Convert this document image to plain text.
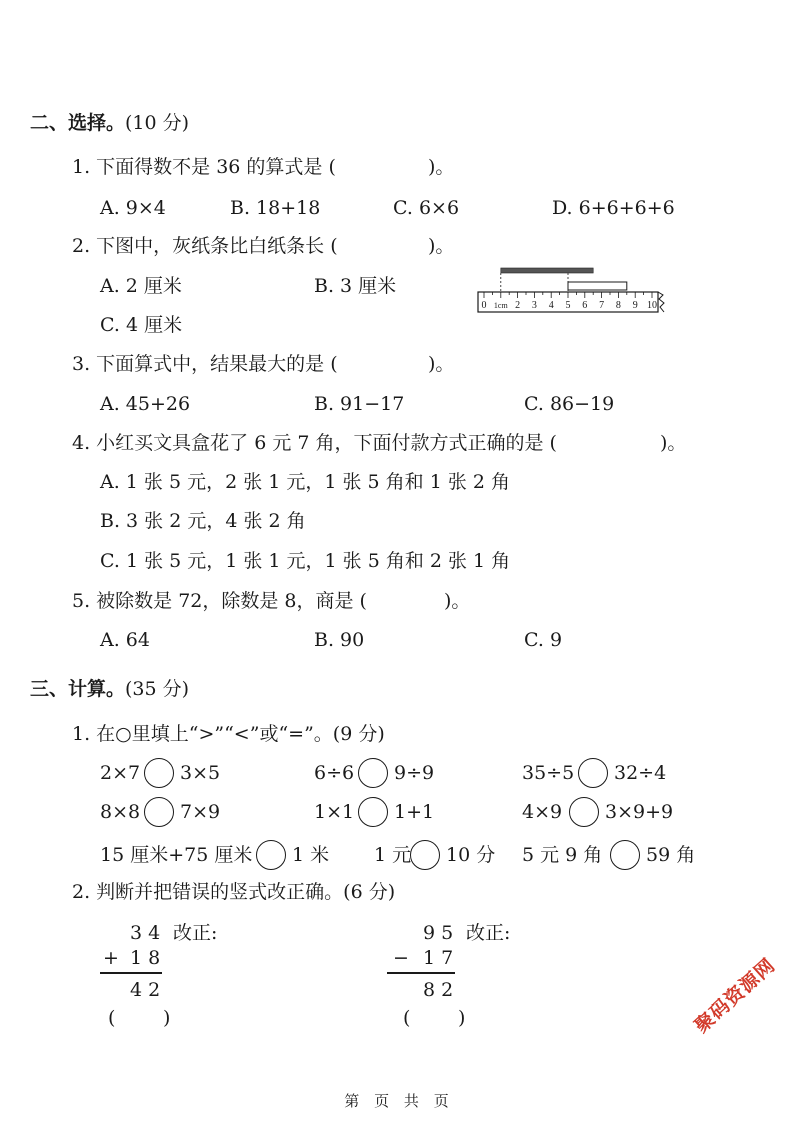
二、选择。(10 分)
1. 下面得数不是 36 的算式是 (	)。
A. 9×4	B. 18+18	C. 6×6	D. 6+6+6+6
2. 下图中，灰纸条比白纸条长 (	)。
A. 2 厘米	B. 3 厘米
C. 4 厘米
0 1cm 2 3 4 5 6 7 8 9 10
3. 下面算式中，结果最大的是 (	)。
A. 45+26	B. 91−17	C. 86−19
4. 小红买文具盒花了 6 元 7 角，下面付款方式正确的是 (	)。
A. 1 张 5 元，2 张 1 元，1 张 5 角和 1 张 2 角
B. 3 张 2 元，4 张 2 角
C. 1 张 5 元，1 张 1 元，1 张 5 角和 2 张 1 角
5. 被除数是 72，除数是 8，商是 (	)。
A. 64	B. 90	C. 9
三、计算。(35 分)
1. 在○里填上“>”“<”或“=”。(9 分)
2×7 3×5	6÷6 9÷9	35÷5 32÷4
8×8 7×9	1×1 1+1	4×9 3×9+9
15 厘米+75 厘米 1 米 1 元 10 分 5 元 9 角 59 角
2. 判断并把错误的竖式改正确。(6 分)
3 4 改正:
+ 1 8
4 2
(	)
9 5 改正:
− 1 7
8 2
(	)	聚码资源网
第 页 共 页
